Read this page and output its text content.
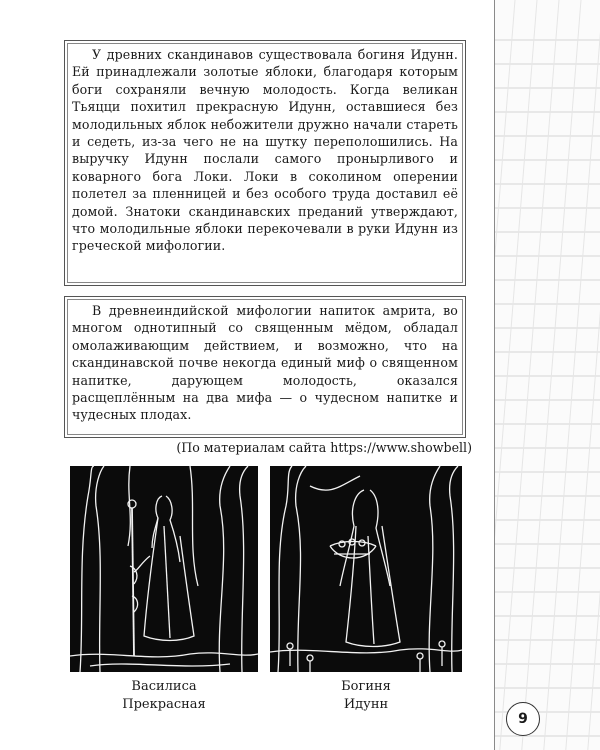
У древних скандинавов существовала богиня Идунн. Ей принадлежали золотые яблоки, благодаря которым боги сохраняли вечную молодость. Когда великан Тьяцци похитил прекрасную Идунн, оставшиеся без молодильных яблок небожители дружно начали стареть и седеть, из-за чего не на шутку переполошились. На выручку Идунн послали самого пронырливого и коварного бога Локи. Локи в соколином оперении полетел за пленницей и без особого труда доставил её домой. Знатоки скандинавских преданий утверждают, что молодильные яблоки перекочевали в руки Идунн из греческой мифологии.

В древнеиндийской мифологии напиток амрита, во многом однотипный со священным мёдом, обладал омолаживающим действием, и возможно, что на скандинавской почве некогда единый миф о священном напитке, дарующем молодость, оказался расщеплённым на два мифа — о чудесном напитке и чудесных плодах.

(По материалам сайта https://www.showbell)
Василиса
Прекрасная
Богиня
Идунн
9
